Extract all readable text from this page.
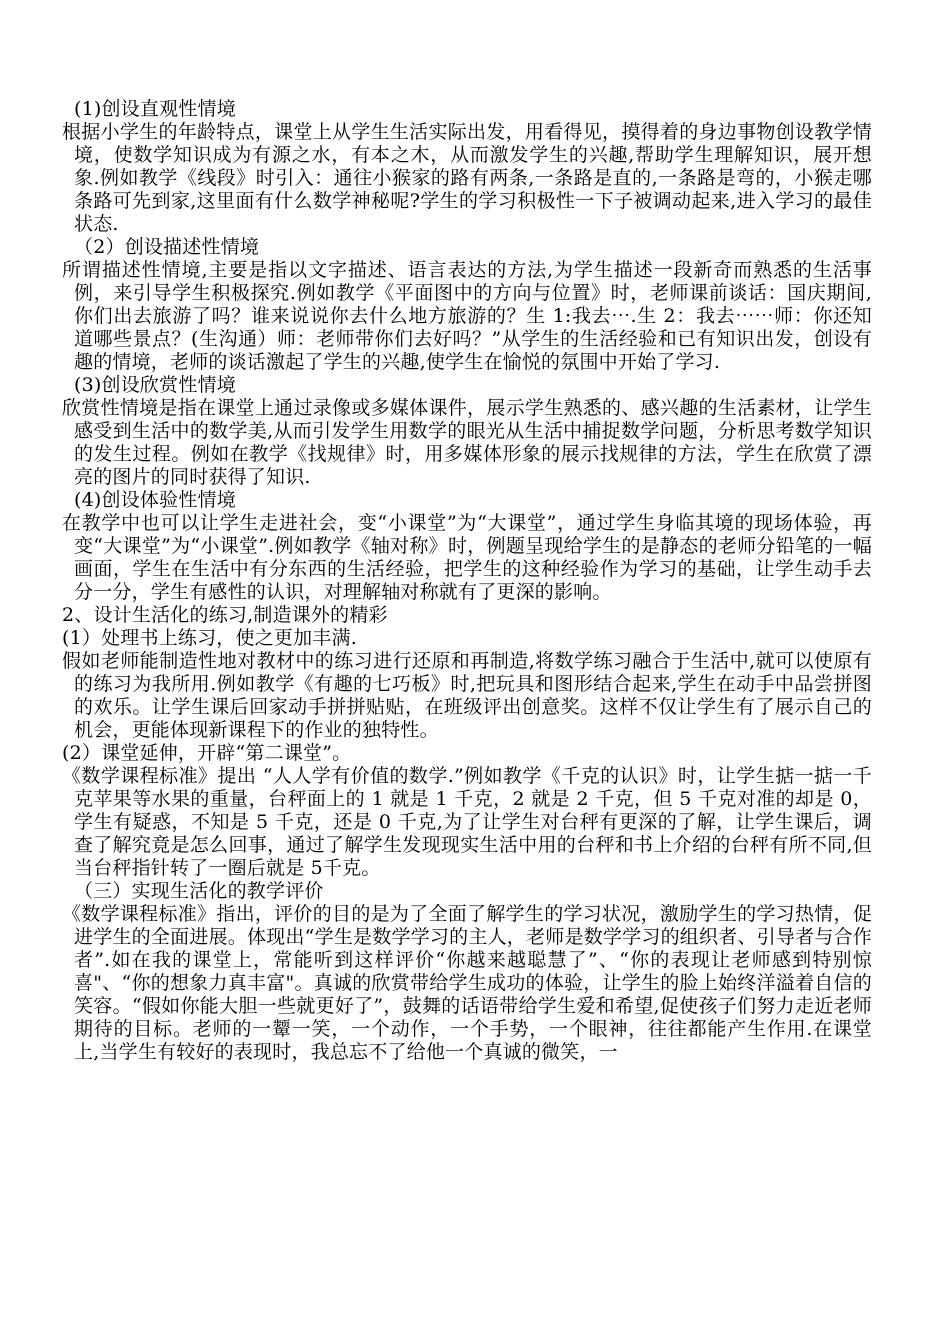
(1)创设直观性情境

根据小学生的年龄特点，课堂上从学生生活实际出发，用看得见，摸得着的身边事物创设教学情境，使数学知识成为有源之水，有本之木，从而激发学生的兴趣,帮助学生理解知识，展开想象.例如教学《线段》时引入：通往小猴家的路有两条,一条路是直的,一条路是弯的，小猴走哪条路可先到家,这里面有什么数学神秘呢?学生的学习积极性一下子被调动起来,进入学习的最佳状态.

（2）创设描述性情境

所谓描述性情境,主要是指以文字描述、语言表达的方法,为学生描述一段新奇而熟悉的生活事例，来引导学生积极探究.例如教学《平面图中的方向与位置》时，老师课前谈话：国庆期间,你们出去旅游了吗？谁来说说你去什么地方旅游的？生 1:我去⋯.生 2：我去⋯⋯师：你还知道哪些景点？(生沟通）师：老师带你们去好吗？”从学生的生活经验和已有知识出发，创设有趣的情境，老师的谈话激起了学生的兴趣,使学生在愉悦的氛围中开始了学习.

(3)创设欣赏性情境

欣赏性情境是指在课堂上通过录像或多媒体课件，展示学生熟悉的、感兴趣的生活素材，让学生感受到生活中的数学美,从而引发学生用数学的眼光从生活中捕捉数学问题，分析思考数学知识的发生过程。例如在教学《找规律》时，用多媒体形象的展示找规律的方法，学生在欣赏了漂亮的图片的同时获得了知识.

(4)创设体验性情境

在教学中也可以让学生走进社会，变“小课堂”为“大课堂”，通过学生身临其境的现场体验，再变“大课堂”为“小课堂”.例如教学《轴对称》时，例题呈现给学生的是静态的老师分铅笔的一幅画面，学生在生活中有分东西的生活经验，把学生的这种经验作为学习的基础，让学生动手去分一分，学生有感性的认识，对理解轴对称就有了更深的影响。

2、设计生活化的练习,制造课外的精彩

(1）处理书上练习，使之更加丰满.

假如老师能制造性地对教材中的练习进行还原和再制造,将数学练习融合于生活中,就可以使原有的练习为我所用.例如教学《有趣的七巧板》时,把玩具和图形结合起来,学生在动手中品尝拼图的欢乐。让学生课后回家动手拼拼贴贴，在班级评出创意奖。这样不仅让学生有了展示自己的机会，更能体现新课程下的作业的独特性。

(2）课堂延伸，开辟“第二课堂”。

《数学课程标准》提出 “人人学有价值的数学.”例如教学《千克的认识》时，让学生掂一掂一千克苹果等水果的重量，台秤面上的 1 就是 1 千克，2 就是 2 千克，但 5 千克对准的却是 0，学生有疑惑，不知是 5 千克，还是 0 千克,为了让学生对台秤有更深的了解，让学生课后，调查了解究竟是怎么回事，通过了解学生发现现实生活中用的台秤和书上介绍的台秤有所不同,但当台秤指针转了一圈后就是 5千克。

（三）实现生活化的教学评价

《数学课程标准》指出，评价的目的是为了全面了解学生的学习状况，激励学生的学习热情，促进学生的全面进展。体现出“学生是数学学习的主人，老师是数学学习的组织者、引导者与合作者”.如在我的课堂上，常能听到这样评价“你越来越聪慧了”、“你的表现让老师感到特别惊喜"、“你的想象力真丰富"。真诚的欣赏带给学生成功的体验，让学生的脸上始终洋溢着自信的笑容。“假如你能大胆一些就更好了”，鼓舞的话语带给学生爱和希望,促使孩子们努力走近老师期待的目标。老师的一颦一笑，一个动作，一个手势，一个眼神，往往都能产生作用.在课堂上,当学生有较好的表现时，我总忘不了给他一个真诚的微笑，一
